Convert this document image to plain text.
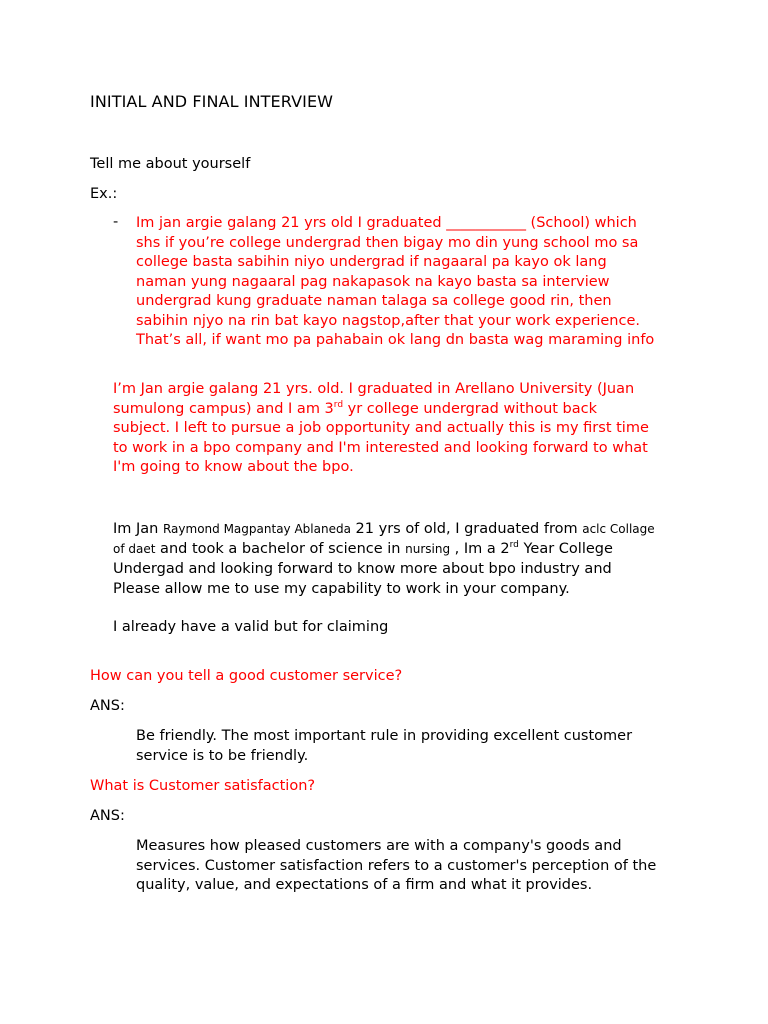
INITIAL AND FINAL INTERVIEW
Tell me about yourself
Ex.:
- Im jan argie galang 21 yrs old I graduated ___________ (School) which
shs if you’re college undergrad then bigay mo din yung school mo sa
college basta sabihin niyo undergrad if nagaaral pa kayo ok lang
naman yung nagaaral pag nakapasok na kayo basta sa interview
undergrad kung graduate naman talaga sa college good rin, then
sabihin njyo na rin bat kayo nagstop,after that your work experience.
That’s all, if want mo pa pahabain ok lang dn basta wag maraming info
I’m Jan argie galang 21 yrs. old. I graduated in Arellano University (Juan
sumulong campus) and I am 3rd yr college undergrad without back
subject. I left to pursue a job opportunity and actually this is my first time
to work in a bpo company and I'm interested and looking forward to what
I'm going to know about the bpo.
Im Jan Raymond Magpantay Ablaneda 21 yrs of old, I graduated from aclc Collage
of daet and took a bachelor of science in nursing , Im a 2rd Year College
Undergad and looking forward to know more about bpo industry and
Please allow me to use my capability to work in your company.
I already have a valid but for claiming
How can you tell a good customer service?
ANS:
Be friendly. The most important rule in providing excellent customer
service is to be friendly.
What is Customer satisfaction?
ANS:
Measures how pleased customers are with a company's goods and
services. Customer satisfaction refers to a customer's perception of the
quality, value, and expectations of a firm and what it provides.
